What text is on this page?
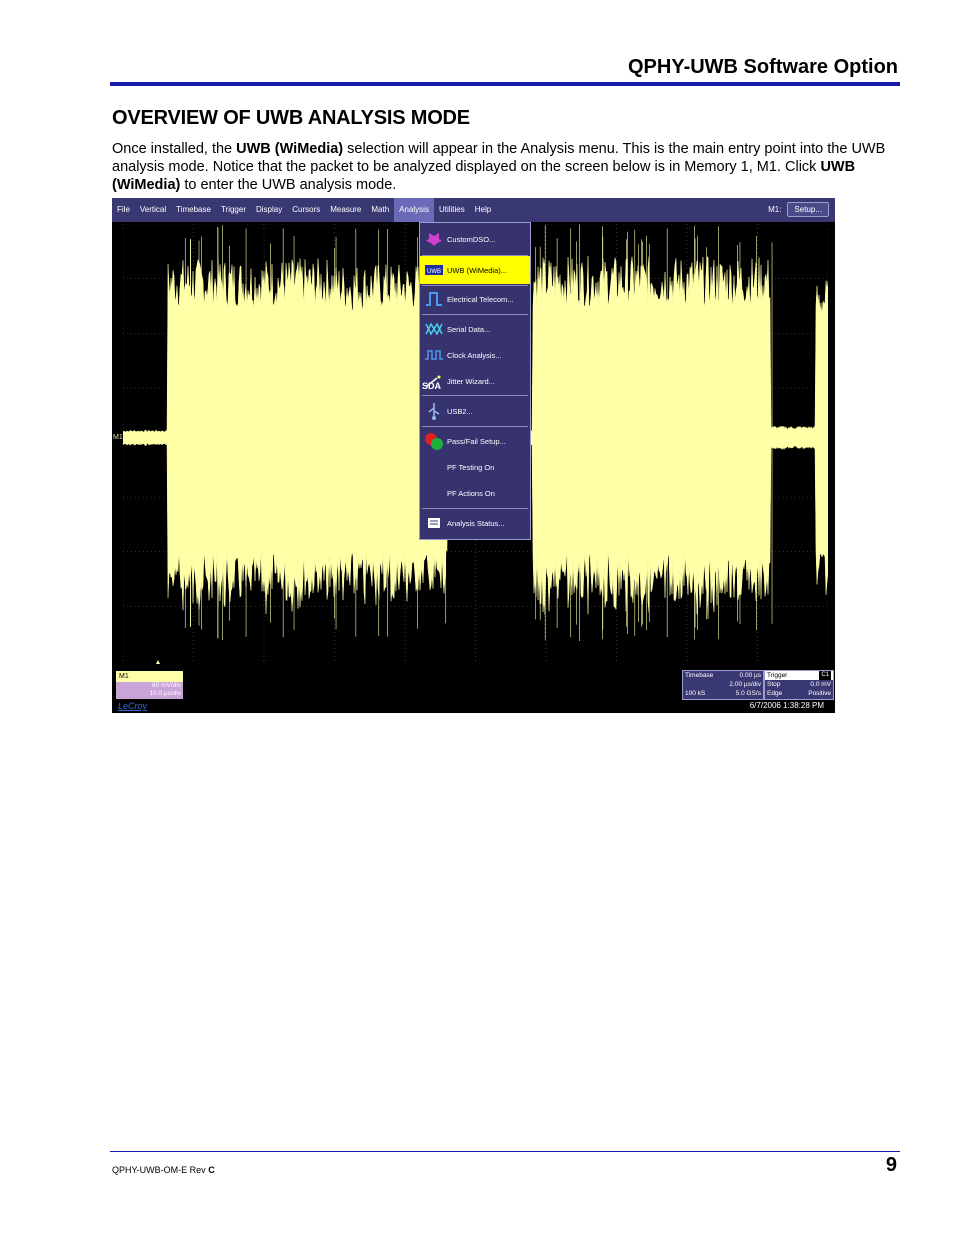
QPHY-UWB Software Option
OVERVIEW OF UWB ANALYSIS MODE
Once installed, the UWB (WiMedia) selection will appear in the Analysis menu. This is the main entry point into the UWB analysis mode. Notice that the packet to be analyzed displayed on the screen below is in Memory 1, M1. Click UWB (WiMedia) to enter the UWB analysis mode.
File	Vertical	Timebase	Trigger	Display	Cursors	Measure	Math	Analysis	Utilities	Help	M1:	Setup...
M1
CustomDSO...
UWB UWB (WiMedia)...
Electrical Telecom...
Serial Data...
Clock Analysis...
Jitter Wizard...
SDA
USB2...
Pass/Fail Setup...
PF Testing On
PF Actions On
Analysis Status...
M1
60 mV/div
10.0 µs/div
LeCroy
Timebase	0.00 µs
2.00 µs/div
100 kS	5.0 GS/s
Trigger	C1
Stop	0.0 mV
Edge	Positive
6/7/2006 1:38:28 PM
QPHY-UWB-OM-E Rev C	9
